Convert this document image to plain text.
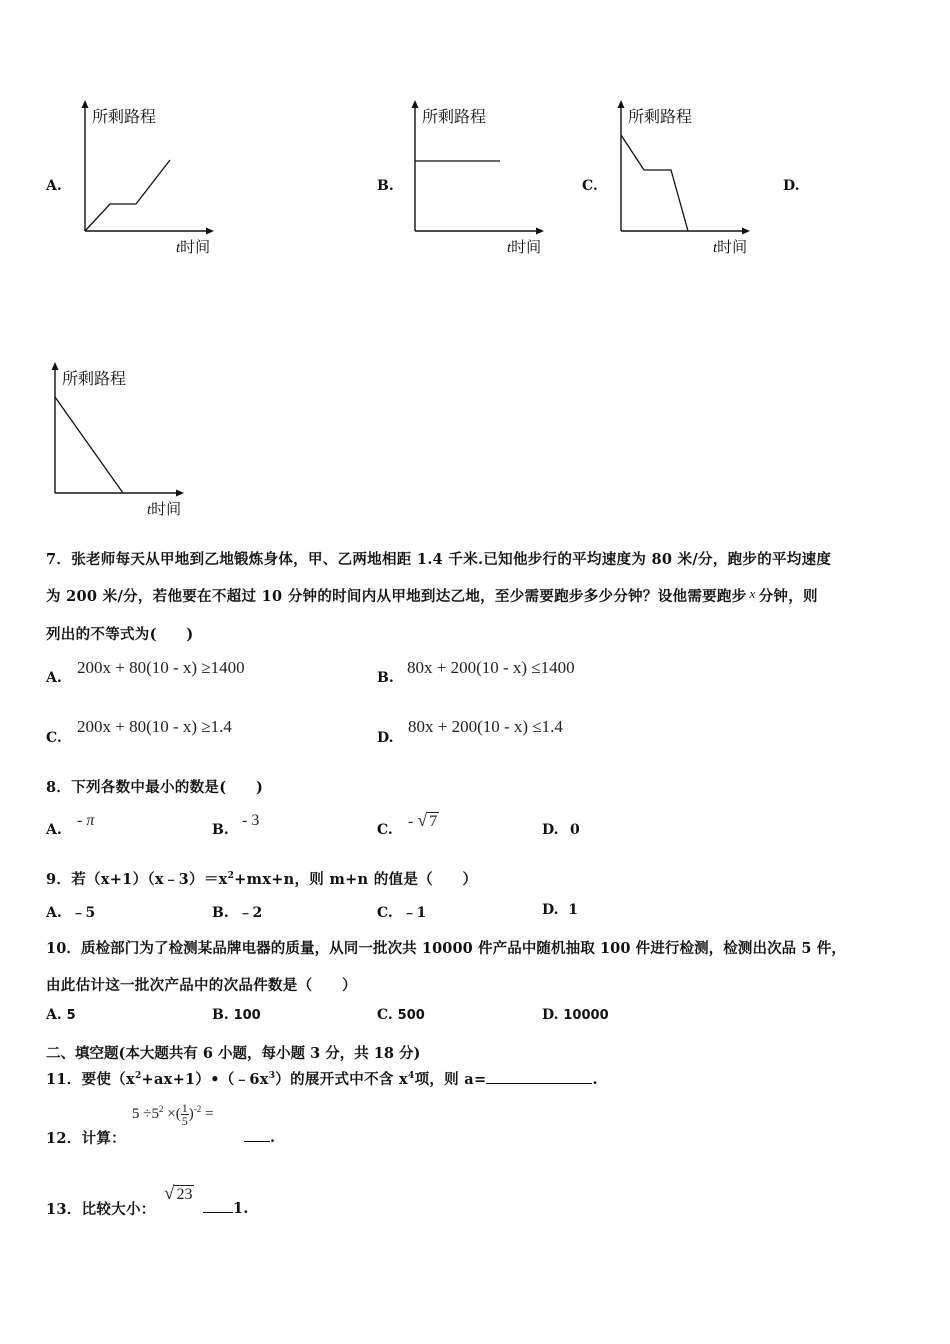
A.	B.	C.	D.
所剩路程
t时间
所剩路程
t时间
所剩路程
t时间
所剩路程
t时间
7．张老师每天从甲地到乙地锻炼身体，甲、乙两地相距 1.4 千米.已知他步行的平均速度为 80 米/分，跑步的平均速度
为 200 米/分，若他要在不超过 10 分钟的时间内从甲地到达乙地，至少需要跑步多少分钟？设他需要跑步 x 分钟，则
列出的不等式为(　　)
A.
200x + 80(10 - x) ≥1400
B.
80x + 200(10 - x) ≤1400
C.
200x + 80(10 - x) ≥1.4
D.
80x + 200(10 - x) ≤1.4
8．下列各数中最小的数是(　　)
A.
- π
B.
- 3
C. - √ 7	D. 0
9．若$(x+1)(x﹣3)=x^2+mx+n$，则 m+n 的值是（　　）
A. ﹣5	B. ﹣2	C. ﹣1	D. 1
10．质检部门为了检测某品牌电器的质量，从同一批次共 10000 件产品中随机抽取 100 件进行检测，检测出次品 5 件，
由此估计这一批次产品中的次品件数是（　　）
A. 5	B. 100	C. 500	D. 10000
二、填空题(本大题共有 6 小题，每小题 3 分，共 18 分)
11．要使$(x^2+ax+1)•(﹣6x^3)$的展开式中不含 $x^4$项，则 a=	.
12．计算：
$5 \div 5^2$ ×( $\frac{1}{5} )^{-2}$ =
.
13．比较大小：
√ 23
1.
